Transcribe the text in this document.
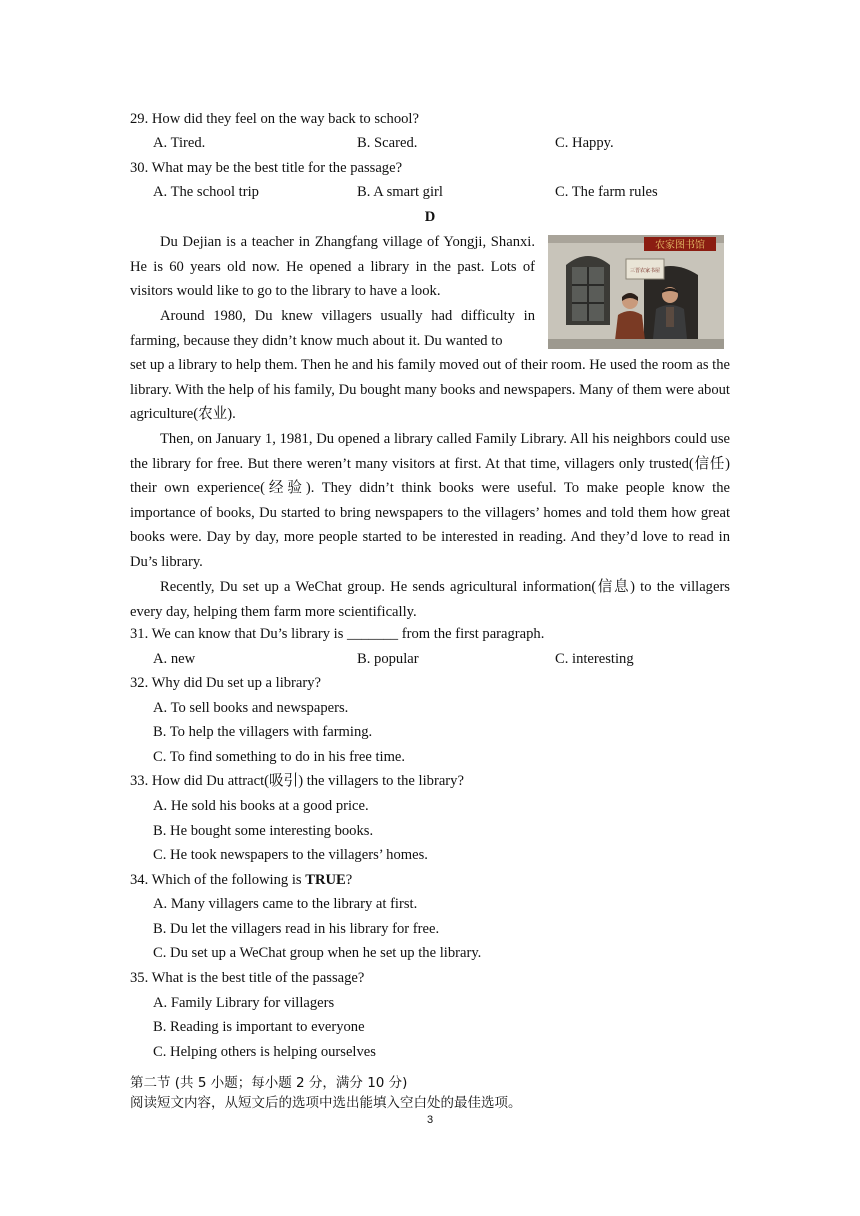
29. How did they feel on the way back to school?
A. Tired.	B. Scared.	C. Happy.
30. What may be the best title for the passage?
A. The school trip	B. A smart girl	C. The farm rules
D
农家图书馆
三晋农家书屋
Du Dejian is a teacher in Zhangfang village of Yongji, Shanxi. He is 60 years old now. He opened a library in the past. Lots of visitors would like to go to the library to have a look.
Around 1980, Du knew villagers usually had difficulty in farming, because they didn’t know much about it. Du wanted to
set up a library to help them. Then he and his family moved out of their room. He used the room as the library. With the help of his family, Du bought many books and newspapers. Many of them were about agriculture(农业).
Then, on January 1, 1981, Du opened a library called Family Library. All his neighbors could use the library for free. But there weren’t many visitors at first. At that time, villagers only trusted(信任) their own experience(经验). They didn’t think books were useful. To make people know the importance of books, Du started to bring newspapers to the villagers’ homes and told them how great books were. Day by day, more people started to be interested in reading. And they’d love to read in Du’s library.
Recently, Du set up a WeChat group. He sends agricultural information(信息) to the villagers every day, helping them farm more scientifically.
31. We can know that Du’s library is _______ from the first paragraph.
A. new	B. popular	C. interesting
32. Why did Du set up a library?
A. To sell books and newspapers.
B. To help the villagers with farming.
C. To find something to do in his free time.
33. How did Du attract(吸引) the villagers to the library?
A. He sold his books at a good price.
B. He bought some interesting books.
C. He took newspapers to the villagers’ homes.
34. Which of the following is TRUE?
A. Many villagers came to the library at first.
B. Du let the villagers read in his library for free.
C. Du set up a WeChat group when he set up the library.
35. What is the best title of the passage?
A. Family Library for villagers
B. Reading is important to everyone
C. Helping others is helping ourselves
第二节 (共 5 小题；每小题 2 分，满分 10 分)
阅读短文内容，从短文后的选项中选出能填入空白处的最佳选项。
3
